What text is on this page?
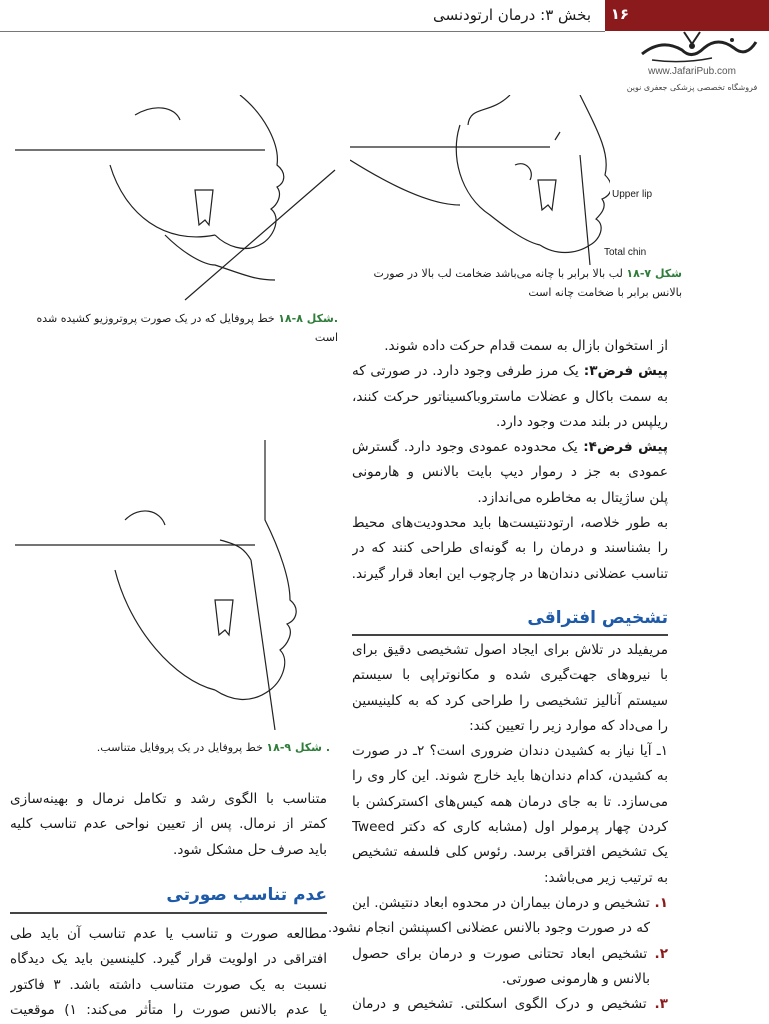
۱۶
بخش ۳: درمان ارتودنسی
www.JafariPub.com
فروشگاه تخصصی پزشکی جعفری نوین
Upper lip
Total chin
شکل ۷-۱۸ لب بالا برابر با چانه می‌باشد ضخامت لب بالا در صورت بالانس برابر با ضخامت چانه است
.شکل ۸-۱۸ خط پروفایل که در یک صورت پروتروزیو کشیده شده است
. شکل ۹-۱۸ خط پروفایل در یک پروفایل متناسب.
از استخوان بازال به سمت قدام حرکت داده شوند.
پیش فرض۳: یک مرز طرفی وجود دارد. در صورتی که
به سمت باکال و عضلات ماستروباکسیناتور حرکت کنند،
ریلپس در بلند مدت وجود دارد.
پیش فرض۴: یک محدوده عمودی وجود دارد. گسترش
عمودی به جز د رموار دیپ بایت بالانس و هارمونی
پلن ساژیتال به مخاطره می‌اندازد.
به طور خلاصه، ارتودنتیست‌ها باید محدودیت‌های محیط
را بشناسند و درمان را به گونه‌ای طراحی کنند که در
تناسب عضلانی دندان‌ها در چارچوب این ابعاد قرار گیرند.
تشخیص افتراقی
مریفیلد در تلاش برای ایجاد اصول تشخیصی دقیق برای
با نیروهای جهت‌گیری شده و مکانوتراپی با سیستم
سیستم آنالیز تشخیصی را طراحی کرد که به کلینیسین
را می‌داد که موارد زیر را تعیین کند:
۱ـ آیا نیاز به کشیدن دندان ضروری است؟ ۲ـ در صورت
به کشیدن، کدام دندان‌ها باید خارج شوند. این کار وی را
می‌سازد. تا به جای درمان همه کیس‌های اکسترکشن با
کردن چهار پرمولر اول (مشابه کاری که دکتر Tweed
یک تشخیص افتراقی برسد. رئوس کلی فلسفه تشخیص
به ترتیب زیر می‌باشد:
۱. تشخیص و درمان بیماران در محدوه ابعاد دنتیشن. این
که در صورت وجود بالانس عضلانی اکسپنشن انجام نشود.
۲. تشخیص ابعاد تحتانی صورت و درمان برای حصول
بالانس و هارمونی صورتی.
۳. تشخیص و درک الگوی اسکلتی. تشخیص و درمان
متناسب با الگوی رشد و تکامل نرمال و بهینه‌سازی
کمتر از نرمال. پس از تعیین نواحی عدم تناسب کلیه
باید صرف حل مشکل شود.
عدم تناسب صورتی
مطالعه صورت و تناسب یا عدم تناسب آن باید طی
افتراقی در اولویت قرار گیرد. کلینسین باید یک دیدگاه
نسبت به یک صورت متناسب داشته باشد. ۳ فاکتور
یا عدم بالانس صورت را متأثر می‌کند: ۱) موقعیت
